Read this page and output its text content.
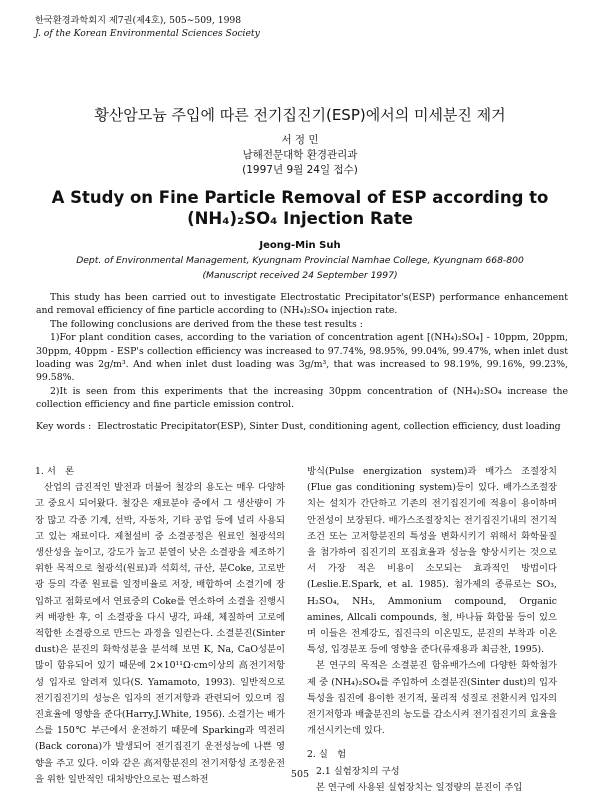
한국환경과학회지 제7권(제4호), 505∼509, 1998
J. of the Korean Environmental Sciences Society
황산암모늄 주입에 따른 전기집진기(ESP)에서의 미세분진 제거
서 정 민
남해전문대학 환경관리과
(1997년 9월 24일 접수)
A Study on Fine Particle Removal of ESP according to
(NH₄)₂SO₄ Injection Rate
Jeong-Min Suh
Dept. of Environmental Management, Kyungnam Provincial Namhae College, Kyungnam 668-800
(Manuscript received 24 September 1997)

This study has been carried out to investigate Electrostatic Precipitator's(ESP) performance enhancement and removal efficiency of fine particle according to (NH₄)₂SO₄ injection rate.

The following conclusions are derived from the these test results :

1)For plant condition cases, according to the variation of concentration agent [(NH₄)₂SO₄] - 10ppm, 20ppm, 30ppm, 40ppm - ESP's collection efficiency was increased to 97.74%, 98.95%, 99.04%, 99.47%, when inlet dust loading was 2g/m³. And when inlet dust loading was 3g/m³, that was increased to 98.19%, 99.16%, 99.23%, 99.58%.

2)It is seen from this experiments that the increasing 30ppm concentration of (NH₄)₂SO₄ increase the collection efficiency and fine particle emission control.

Key words : Electrostatic Precipitator(ESP), Sinter Dust, conditioning agent, collection efficiency, dust loading

1. 서　론

산업의 급진적인 발전과 더불어 철강의 용도는 매우 다양하고 중요시 되어왔다. 철강은 재료분야 중에서 그 생산량이 가장 많고 각종 기계, 선박, 자동차, 기타 공업 등에 널리 사용되고 있는 재료이다. 제철설비 중 소결공정은 원료인 철광석의 생산성을 높이고, 강도가 높고 분열이 낮은 소결광을 제조하기 위한 목적으로 철광석(원료)과 석회석, 규산, 분Coke, 고로반광 등의 각종 원료를 일정비율로 저장, 배합하여 소결기에 장입하고 점화로에서 연료중의 Coke를 연소하여 소결을 진행시켜 배광한 후, 이 소결광을 다시 냉각, 파쇄, 체질하여 고로에 적합한 소결광으로 만드는 과정을 일컫는다. 소결분진(Sinter dust)은 분진의 화학성분을 분석해 보면 K, Na, CaO성분이 많이 함유되어 있기 때문에 2×10¹¹Ω·cm이상의 高전기저항성 입자로 알려져 있다(S. Yamamoto, 1993). 일반적으로 전기집진기의 성능은 입자의 전기저항과 관련되어 있으며 집진효율에 영향을 준다(Harry.J.White, 1956). 소결기는 배가스를 150℃ 부근에서 운전하기 때문에 Sparking과 역전리(Back corona)가 발생되어 전기집진기 운전성능에 나쁜 영향을 주고 있다. 이와 같은 高저항분진의 전기저항성 조정운전을 위한 일반적인 대처방안으로는 펄스하전

방식(Pulse energization system)과 배가스 조절장치(Flue gas conditioning system)등이 있다. 배가스조절장치는 설치가 간단하고 기존의 전기집진기에 적용이 용이하며 안전성이 보장된다. 배가스조절장치는 전기집진기내의 전기적조건 또는 고저항분진의 특성을 변화시키기 위해서 화학물질을 첨가하여 집진기의 포집효율과 성능을 향상시키는 것으로서 가장 적은 비용이 소모되는 효과적인 방법이다(Leslie.E.Spark, et al. 1985). 첨가제의 종류로는 SO₃, H₂SO₄, NH₃, Ammonium compound, Organic amines, Allcali compounds, 철, 바나듐 화합물 등이 있으며 이들은 전계강도, 집진극의 이온밀도, 분진의 부착과 이온특성, 입경분포 등에 영향을 준다(류재용과 최금찬, 1995).

본 연구의 목적은 소결분진 함유배가스에 다양한 화학첨가제 중 (NH₄)₂SO₄를 주입하여 소결분진(Sinter dust)의 입자특성을 집진에 용이한 전기적, 물리적 성질로 전환시켜 입자의 전기저항과 배출분진의 농도를 감소시켜 전기집진기의 효율을 개선시키는데 있다.

2. 실　험

2.1 실험장치의 구성

본 연구에 사용된 실험장치는 일정량의 분진이 주입

505
